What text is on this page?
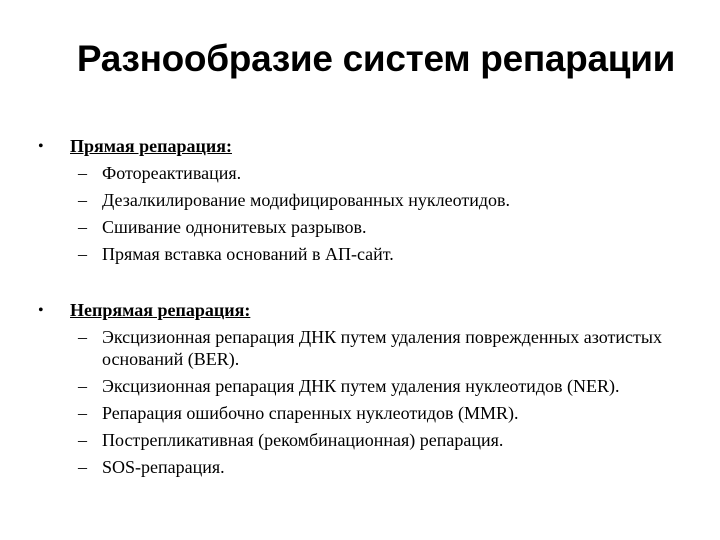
Разнообразие систем репарации
• Прямая репарация:
– Фотореактивация.
– Дезалкилирование модифицированных нуклеотидов.
– Сшивание однонитевых разрывов.
– Прямая вставка оснований в АП-сайт.
• Непрямая репарация:
– Эксцизионная репарация ДНК путем удаления поврежденных азотистых оснований (BER).
– Эксцизионная репарация ДНК путем удаления нуклеотидов (NER).
– Репарация ошибочно спаренных нуклеотидов (MMR).
– Пострепликативная (рекомбинационная) репарация.
– SOS-репарация.
